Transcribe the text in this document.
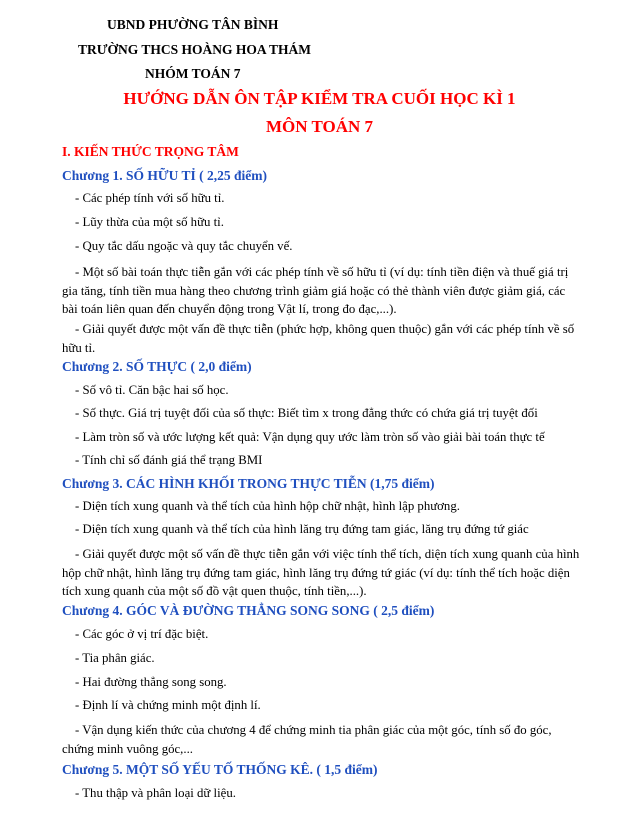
UBND PHƯỜNG TÂN BÌNH
TRƯỜNG THCS HOÀNG HOA THÁM
NHÓM TOÁN 7
HƯỚNG DẪN ÔN TẬP KIỂM TRA CUỐI HỌC KÌ 1
MÔN TOÁN 7
I. KIẾN THỨC TRỌNG TÂM
Chương 1. SỐ HỮU TỈ ( 2,25 điểm)
- Các phép tính với số hữu tỉ.
- Lũy thừa của một số hữu tỉ.
- Quy tắc dấu ngoặc và quy tắc chuyển vế.
- Một số bài toán thực tiễn gắn với các phép tính về số hữu tỉ (ví dụ: tính tiền điện và thuế giá trị gia tăng, tính tiền mua hàng theo chương trình giảm giá hoặc có thẻ thành viên được giảm giá, các bài toán liên quan đến chuyển động trong Vật lí, trong đo đạc,...).
- Giải quyết được một vấn đề thực tiễn (phức hợp, không quen thuộc) gắn với các phép tính về số hữu tỉ.
Chương 2. SỐ THỰC ( 2,0 điểm)
- Số vô tỉ. Căn bậc hai số học.
- Số thực. Giá trị tuyệt đối của số thực: Biết tìm x trong đẳng thức có chứa giá trị tuyệt đối
- Làm tròn số và ước lượng kết quả: Vận dụng quy ước làm tròn số vào giải bài toán thực tế
- Tính chỉ số đánh giá thể trạng BMI
Chương 3. CÁC HÌNH KHỐI TRONG THỰC TIỄN (1,75 điểm)
- Diện tích xung quanh và thể tích của hình hộp chữ nhật, hình lập phương.
- Diện tích xung quanh và thể tích của hình lăng trụ đứng tam giác, lăng trụ đứng tứ giác
- Giải quyết được một số vấn đề thực tiễn gắn với việc tính thể tích, diện tích xung quanh của hình hộp chữ nhật, hình lăng trụ đứng tam giác, hình lăng trụ đứng tứ giác (ví dụ: tính thể tích hoặc diện tích xung quanh của một số đồ vật quen thuộc, tính tiền,...).
Chương 4. GÓC VÀ ĐƯỜNG THẲNG SONG SONG ( 2,5 điểm)
- Các góc ở vị trí đặc biệt.
- Tia phân giác.
- Hai đường thẳng song song.
- Định lí và chứng minh một định lí.
- Vận dụng kiến thức của chương 4 để chứng minh tia phân giác của một góc, tính số đo góc, chứng minh vuông góc,...
Chương 5. MỘT SỐ YẾU TỐ THỐNG KÊ. ( 1,5 điểm)
- Thu thập và phân loại dữ liệu.
